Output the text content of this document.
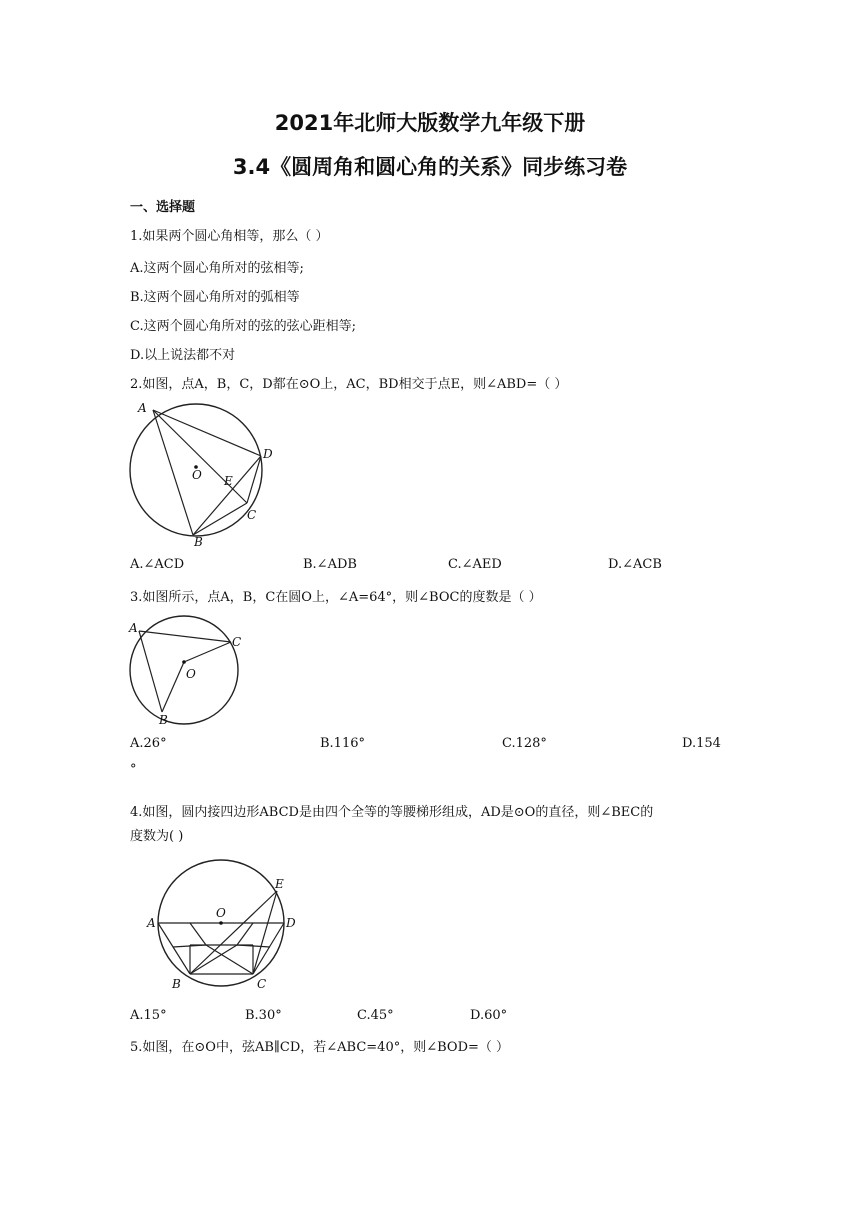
2021年北师大版数学九年级下册
3.4《圆周角和圆心角的关系》同步练习卷
一、选择题
1.如果两个圆心角相等，那么（ ）
A.这两个圆心角所对的弦相等;
B.这两个圆心角所对的弧相等
C.这两个圆心角所对的弦的弦心距相等;
D.以上说法都不对
2.如图，点A，B，C，D都在⊙O上，AC，BD相交于点E，则∠ABD=（ ）
A
O E
D
C
B
A.∠ACD	B.∠ADB	C.∠AED	D.∠ACB
3.如图所示，点A，B，C在圆O上，∠A=64°，则∠BOC的度数是（ ）
A
C
O
B
A.26°	B.116°	C.128°	D.154
°
4.如图，圆内接四边形ABCD是由四个全等的等腰梯形组成，AD是⊙O的直径，则∠BEC的
度数为( )
A
O
E
D
B	C
A.15°	B.30°	C.45°	D.60°
5.如图，在⊙O中，弦AB∥CD，若∠ABC=40°，则∠BOD=（ ）
